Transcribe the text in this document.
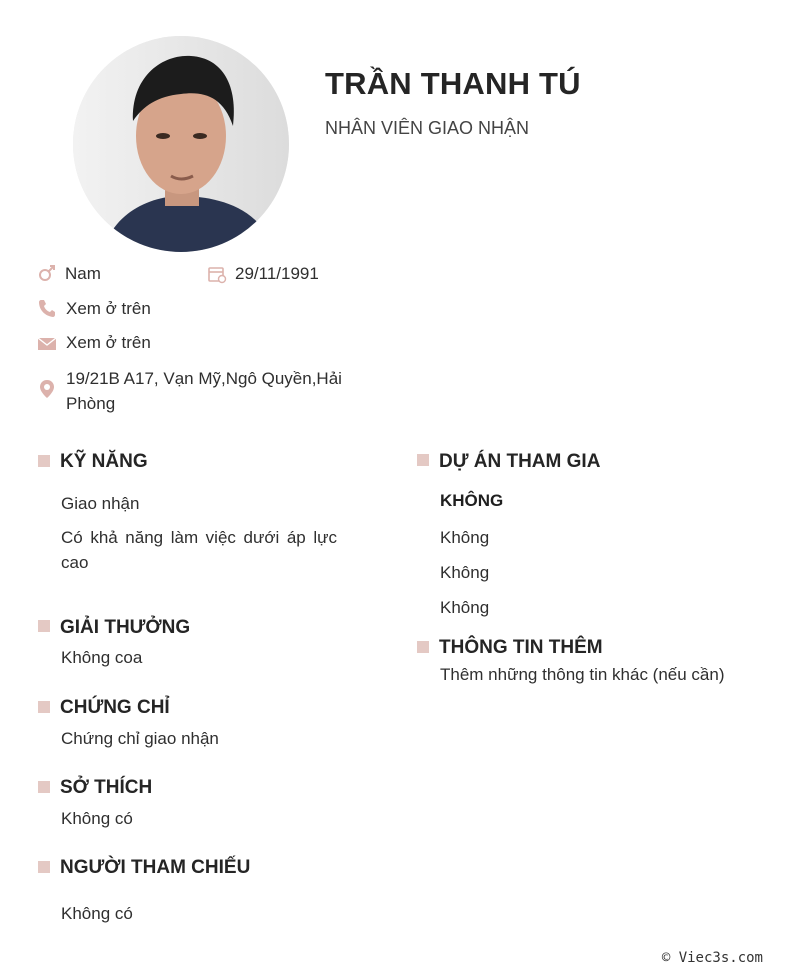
TRẦN THANH TÚ
NHÂN VIÊN GIAO NHẬN
Nam	29/11/1991
Xem ở trên
Xem ở trên
19/21B A17, Vạn Mỹ,Ngô Quyền,Hải Phòng
KỸ NĂNG
Giao nhận
Có khả năng làm việc dưới áp lực cao
GIẢI THƯỞNG
Không coa
CHỨNG CHỈ
Chứng chỉ giao nhận
SỞ THÍCH
Không có
NGƯỜI THAM CHIẾU
Không có
DỰ ÁN THAM GIA
KHÔNG
Không
Không
Không
THÔNG TIN THÊM
Thêm những thông tin khác (nếu cần)
© Viec3s.com
